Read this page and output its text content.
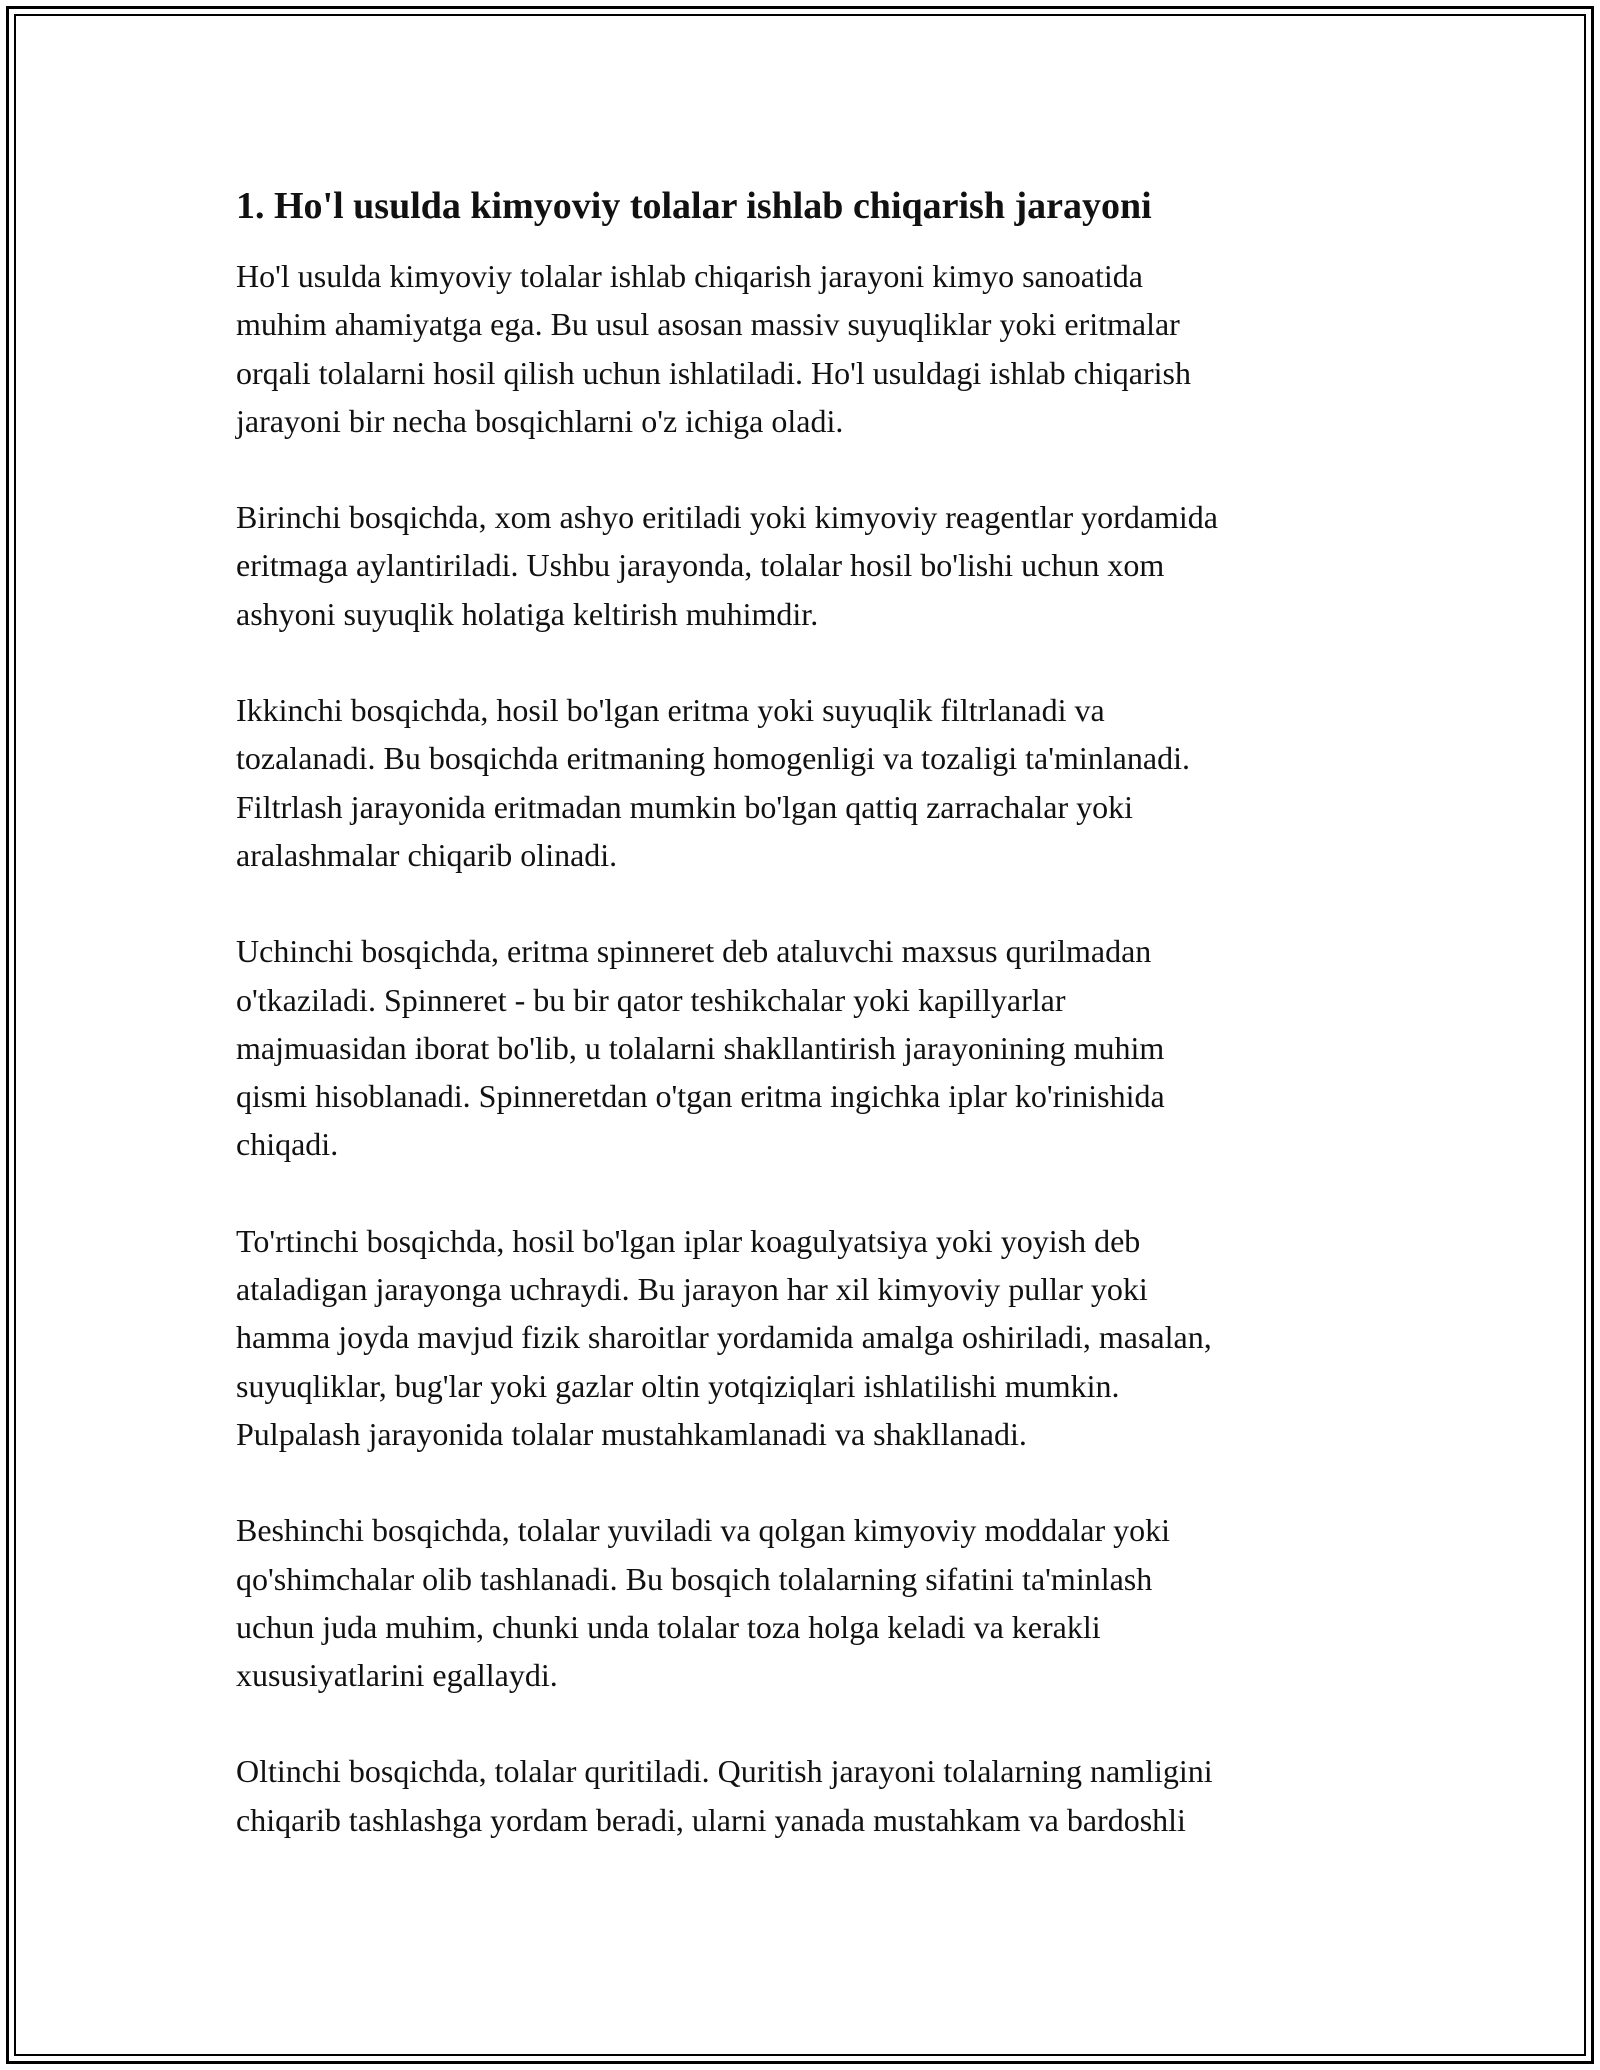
1. Ho'l usulda kimyoviy tolalar ishlab chiqarish jarayoni
Ho'l usulda kimyoviy tolalar ishlab chiqarish jarayoni kimyo sanoatida
muhim ahamiyatga ega. Bu usul asosan massiv suyuqliklar yoki eritmalar
orqali tolalarni hosil qilish uchun ishlatiladi. Ho'l usuldagi ishlab chiqarish
jarayoni bir necha bosqichlarni o'z ichiga oladi.
Birinchi bosqichda, xom ashyo eritiladi yoki kimyoviy reagentlar yordamida
eritmaga aylantiriladi. Ushbu jarayonda, tolalar hosil bo'lishi uchun xom
ashyoni suyuqlik holatiga keltirish muhimdir.
Ikkinchi bosqichda, hosil bo'lgan eritma yoki suyuqlik filtrlanadi va
tozalanadi. Bu bosqichda eritmaning homogenligi va tozaligi ta'minlanadi.
Filtrlash jarayonida eritmadan mumkin bo'lgan qattiq zarrachalar yoki
aralashmalar chiqarib olinadi.
Uchinchi bosqichda, eritma spinneret deb ataluvchi maxsus qurilmadan
o'tkaziladi. Spinneret - bu bir qator teshikchalar yoki kapillyarlar
majmuasidan iborat bo'lib, u tolalarni shakllantirish jarayonining muhim
qismi hisoblanadi. Spinneretdan o'tgan eritma ingichka iplar ko'rinishida
chiqadi.
To'rtinchi bosqichda, hosil bo'lgan iplar koagulyatsiya yoki yoyish deb
ataladigan jarayonga uchraydi. Bu jarayon har xil kimyoviy pullar yoki
hamma joyda mavjud fizik sharoitlar yordamida amalga oshiriladi, masalan,
suyuqliklar, bug'lar yoki gazlar oltin yotqiziqlari ishlatilishi mumkin.
Pulpalash jarayonida tolalar mustahkamlanadi va shakllanadi.
Beshinchi bosqichda, tolalar yuviladi va qolgan kimyoviy moddalar yoki
qo'shimchalar olib tashlanadi. Bu bosqich tolalarning sifatini ta'minlash
uchun juda muhim, chunki unda tolalar toza holga keladi va kerakli
xususiyatlarini egallaydi.
Oltinchi bosqichda, tolalar quritiladi. Quritish jarayoni tolalarning namligini
chiqarib tashlashga yordam beradi, ularni yanada mustahkam va bardoshli
